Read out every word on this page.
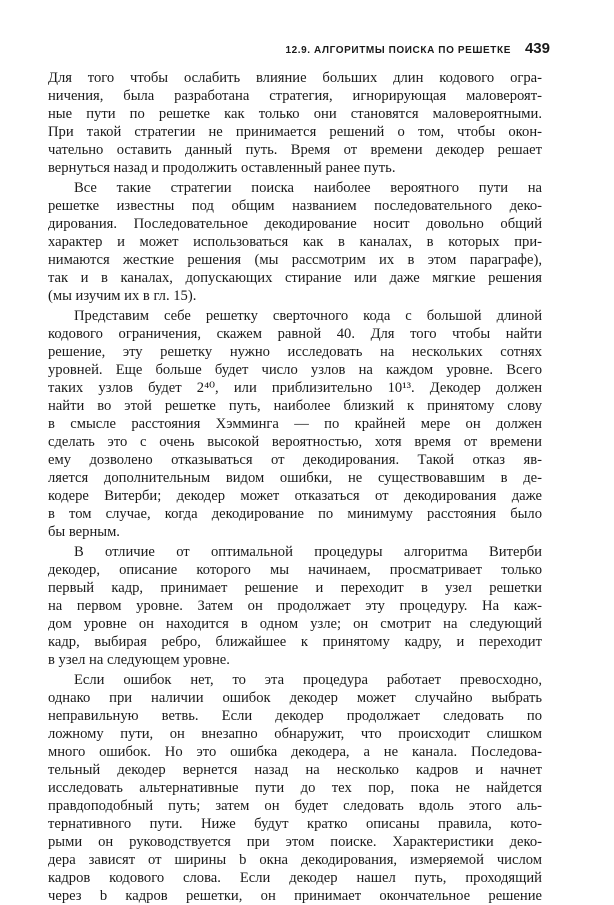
12.9. АЛГОРИТМЫ ПОИСКА ПО РЕШЕТКЕ 439

Для того чтобы ослабить влияние больших длин кодового огра-
ничения, была разработана стратегия, игнорирующая маловероят-
ные пути по решетке как только они становятся маловероятными.
При такой стратегии не принимается решений о том, чтобы окон-
чательно оставить данный путь. Время от времени декодер решает
вернуться назад и продолжить оставленный ранее путь.

Все такие стратегии поиска наиболее вероятного пути на
решетке известны под общим названием последовательного деко-
дирования. Последовательное декодирование носит довольно общий
характер и может использоваться как в каналах, в которых при-
нимаются жесткие решения (мы рассмотрим их в этом параграфе),
так и в каналах, допускающих стирание или даже мягкие решения
(мы изучим их в гл. 15).

Представим себе решетку сверточного кода с большой длиной
кодового ограничения, скажем равной 40. Для того чтобы найти
решение, эту решетку нужно исследовать на нескольких сотнях
уровней. Еще больше будет число узлов на каждом уровне. Всего
таких узлов будет 2⁴⁰, или приблизительно 10¹³. Декодер должен
найти во этой решетке путь, наиболее близкий к принятому слову
в смысле расстояния Хэмминга — по крайней мере он должен
сделать это с очень высокой вероятностью, хотя время от времени
ему дозволено отказываться от декодирования. Такой отказ яв-
ляется дополнительным видом ошибки, не существовавшим в де-
кодере Витерби; декодер может отказаться от декодирования даже
в том случае, когда декодирование по минимуму расстояния было
бы верным.

В отличие от оптимальной процедуры алгоритма Витерби
декодер, описание которого мы начинаем, просматривает только
первый кадр, принимает решение и переходит в узел решетки
на первом уровне. Затем он продолжает эту процедуру. На каж-
дом уровне он находится в одном узле; он смотрит на следующий
кадр, выбирая ребро, ближайшее к принятому кадру, и переходит
в узел на следующем уровне.

Если ошибок нет, то эта процедура работает превосходно,
однако при наличии ошибок декодер может случайно выбрать
неправильную ветвь. Если декодер продолжает следовать по
ложному пути, он внезапно обнаружит, что происходит слишком
много ошибок. Но это ошибка декодера, а не канала. Последова-
тельный декодер вернется назад на несколько кадров и начнет
исследовать альтернативные пути до тех пор, пока не найдется
правдоподобный путь; затем он будет следовать вдоль этого аль-
тернативного пути. Ниже будут кратко описаны правила, кото-
рыми он руководствуется при этом поиске. Характеристики деко-
дера зависят от ширины b окна декодирования, измеряемой числом
кадров кодового слова. Если декодер нашел путь, проходящий
через b кадров решетки, он принимает окончательное решение
